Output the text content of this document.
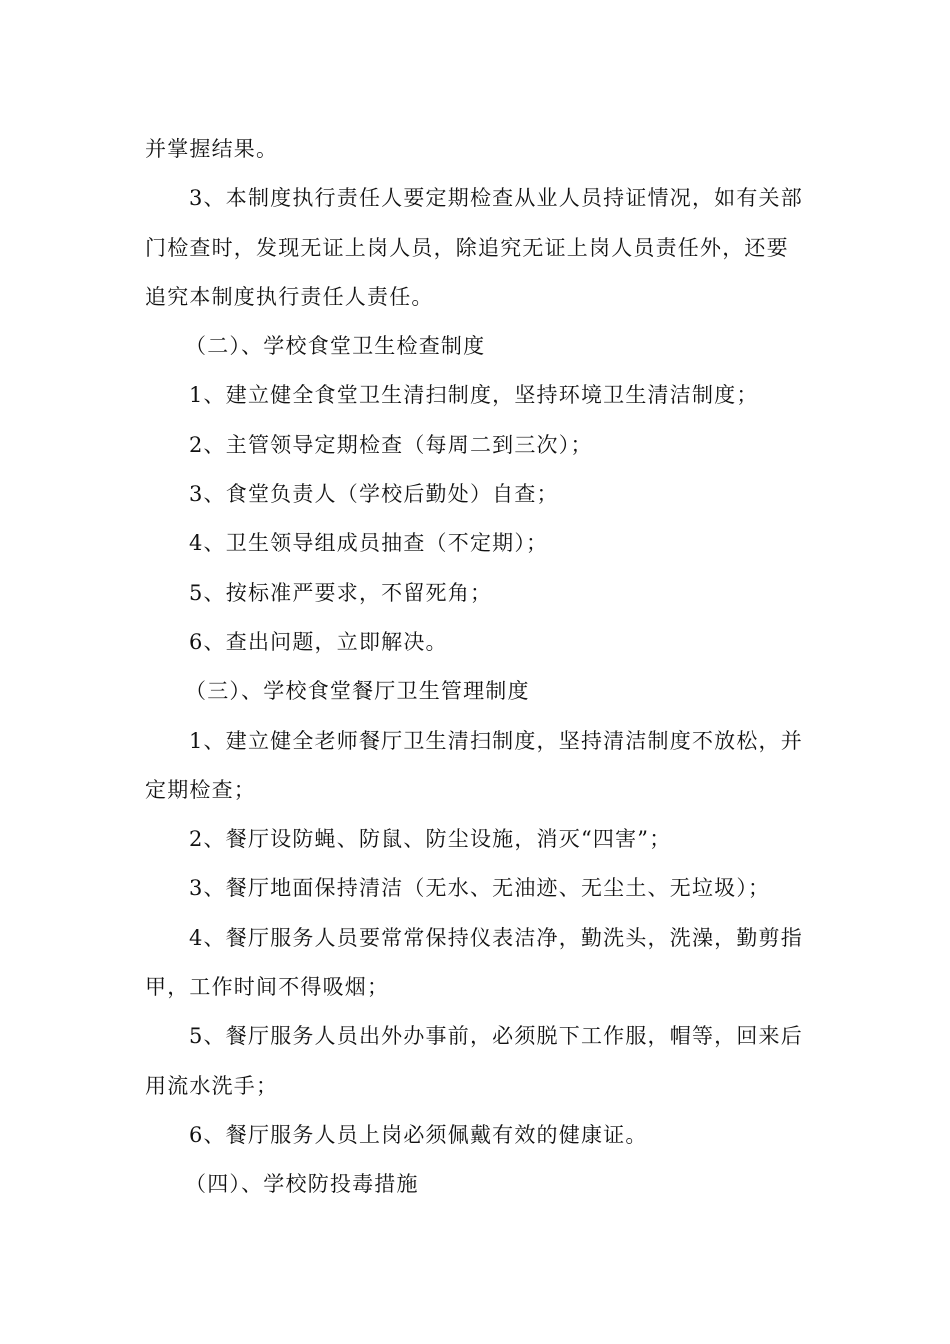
并掌握结果。
3、本制度执行责任人要定期检查从业人员持证情况，如有关部
门检查时，发现无证上岗人员，除追究无证上岗人员责任外，还要
追究本制度执行责任人责任。
（二）、学校食堂卫生检查制度
1、建立健全食堂卫生清扫制度，坚持环境卫生清洁制度；
2、主管领导定期检查（每周二到三次）；
3、食堂负责人（学校后勤处）自查；
4、卫生领导组成员抽查（不定期）；
5、按标准严要求，不留死角；
6、查出问题，立即解决。
（三）、学校食堂餐厅卫生管理制度
1、建立健全老师餐厅卫生清扫制度，坚持清洁制度不放松，并
定期检查；
2、餐厅设防蝇、防鼠、防尘设施，消灭“四害”；
3、餐厅地面保持清洁（无水、无油迹、无尘土、无垃圾）；
4、餐厅服务人员要常常保持仪表洁净，勤洗头，洗澡，勤剪指
甲，工作时间不得吸烟；
5、餐厅服务人员出外办事前，必须脱下工作服，帽等，回来后
用流水洗手；
6、餐厅服务人员上岗必须佩戴有效的健康证。
（四）、学校防投毒措施
